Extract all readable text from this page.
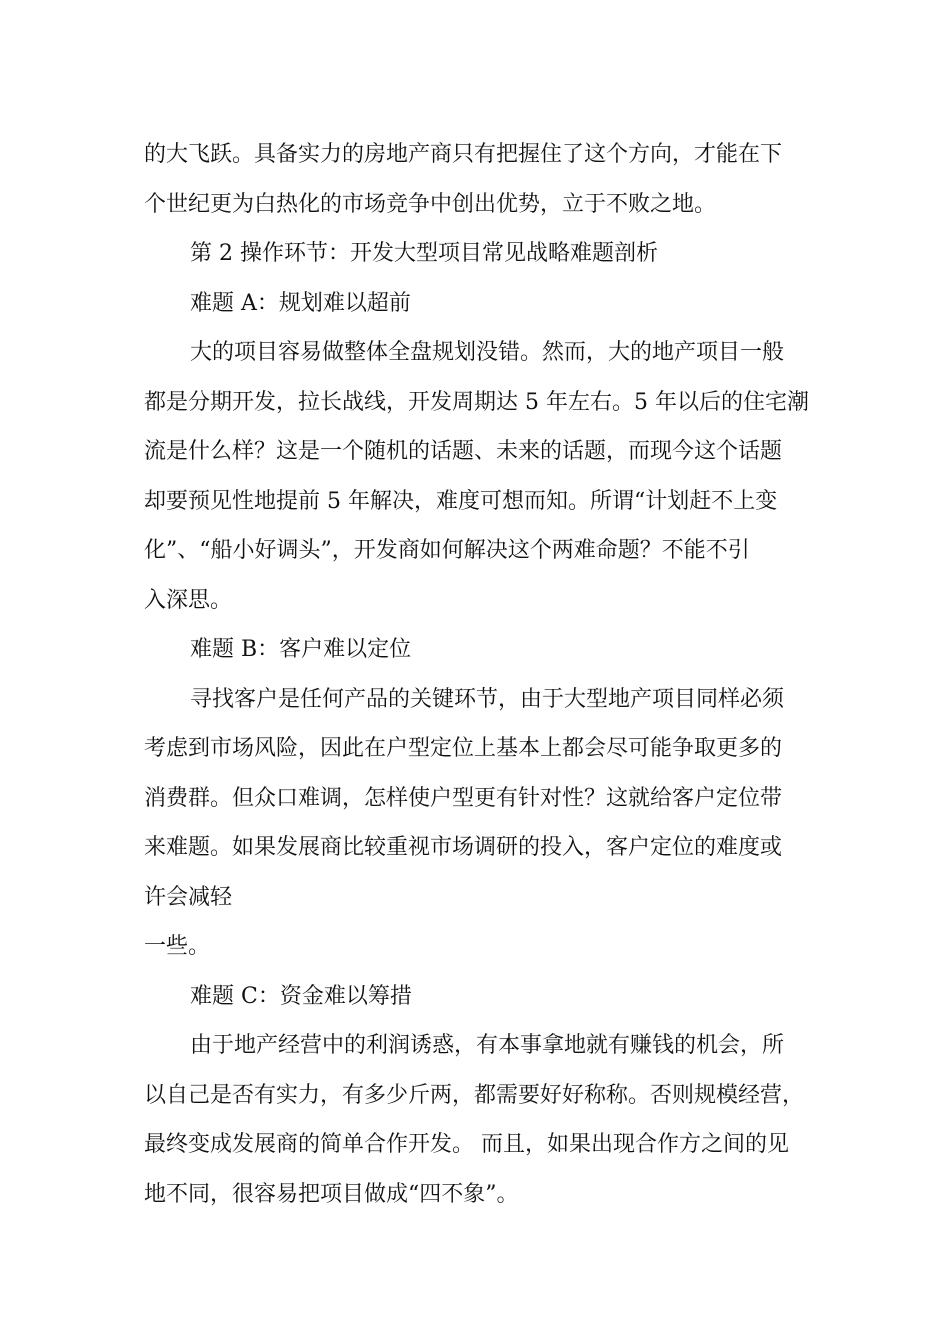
的大飞跃。具备实力的房地产商只有把握住了这个方向，才能在下
个世纪更为白热化的市场竞争中创出优势，立于不败之地。
第 2 操作环节：开发大型项目常见战略难题剖析
难题 A：规划难以超前
大的项目容易做整体全盘规划没错。然而，大的地产项目一般
都是分期开发，拉长战线，开发周期达 5 年左右。5 年以后的住宅潮
流是什么样？这是一个随机的话题、未来的话题，而现今这个话题
却要预见性地提前 5 年解决，难度可想而知。所谓“计划赶不上变
化”、“船小好调头”，开发商如何解决这个两难命题？不能不引
入深思。
难题 B：客户难以定位
寻找客户是任何产品的关键环节，由于大型地产项目同样必须
考虑到市场风险，因此在户型定位上基本上都会尽可能争取更多的
消费群。但众口难调，怎样使户型更有针对性？这就给客户定位带
来难题。如果发展商比较重视市场调研的投入，客户定位的难度或
许会减轻
一些。
难题 C：资金难以筹措
由于地产经营中的利润诱惑，有本事拿地就有赚钱的机会，所
以自己是否有实力，有多少斤两，都需要好好称称。否则规模经营，
最终变成发展商的简单合作开发。 而且，如果出现合作方之间的见
地不同，很容易把项目做成“四不象”。
